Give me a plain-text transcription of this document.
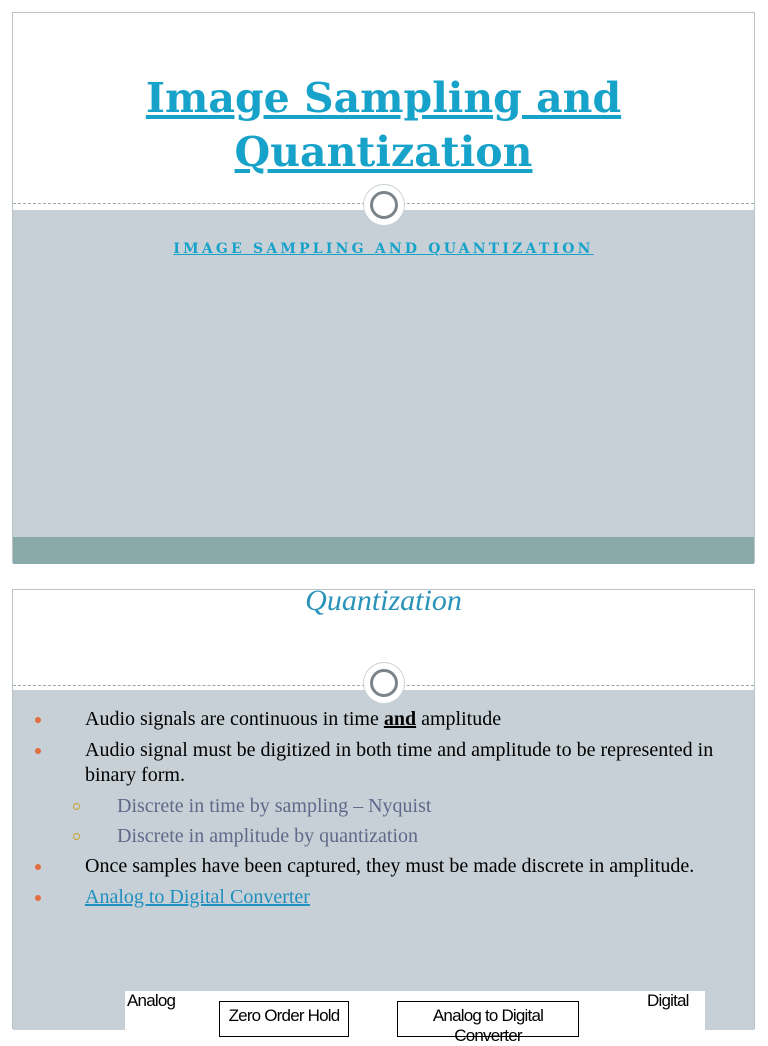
Image Sampling and
Quantization
IMAGE SAMPLING AND QUANTIZATION
Quantization
Audio signals are continuous in time and amplitude
Audio signal must be digitized in both time and amplitude to be represented in binary form.
Discrete in time by sampling – Nyquist
Discrete in amplitude by quantization
Once samples have been captured, they must be made discrete in amplitude.
Analog to Digital Converter
Analog
Zero Order Hold	Analog to Digital Converter
Digital
